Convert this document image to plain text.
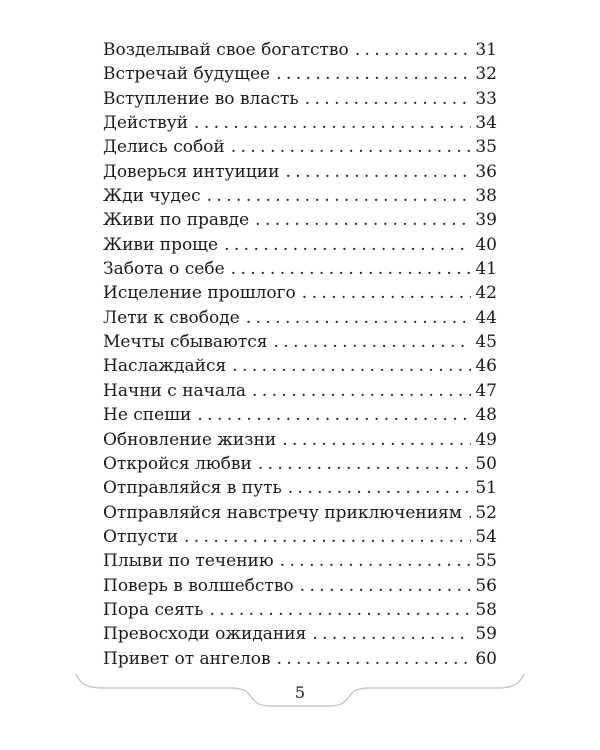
Возделывай свое богатство . . .	31
Встречай будущее . . .	32
Вступление во власть . . .	33
Действуй . . .	34
Делись собой . . .	35
Доверься интуиции . . .	36
Жди чудес . . .	38
Живи по правде . . .	39
Живи проще . . .	40
Забота о себе . . .	41
Исцеление прошлого . . .	42
Лети к свободе . . .	44
Мечты сбываются . . .	45
Наслаждайся . . .	46
Начни с начала . . .	47
Не спеши . . .	48
Обновление жизни . . .	49
Откройся любви . . .	50
Отправляйся в путь . . .	51
Отправляйся навстречу приключениям . . . 52
Отпусти . . .	54
Плыви по течению . . .	55
Поверь в волшебство . . .	56
Пора сеять . . .	58
Превосходи ожидания . . .	59
Привет от ангелов . . .	60
5
